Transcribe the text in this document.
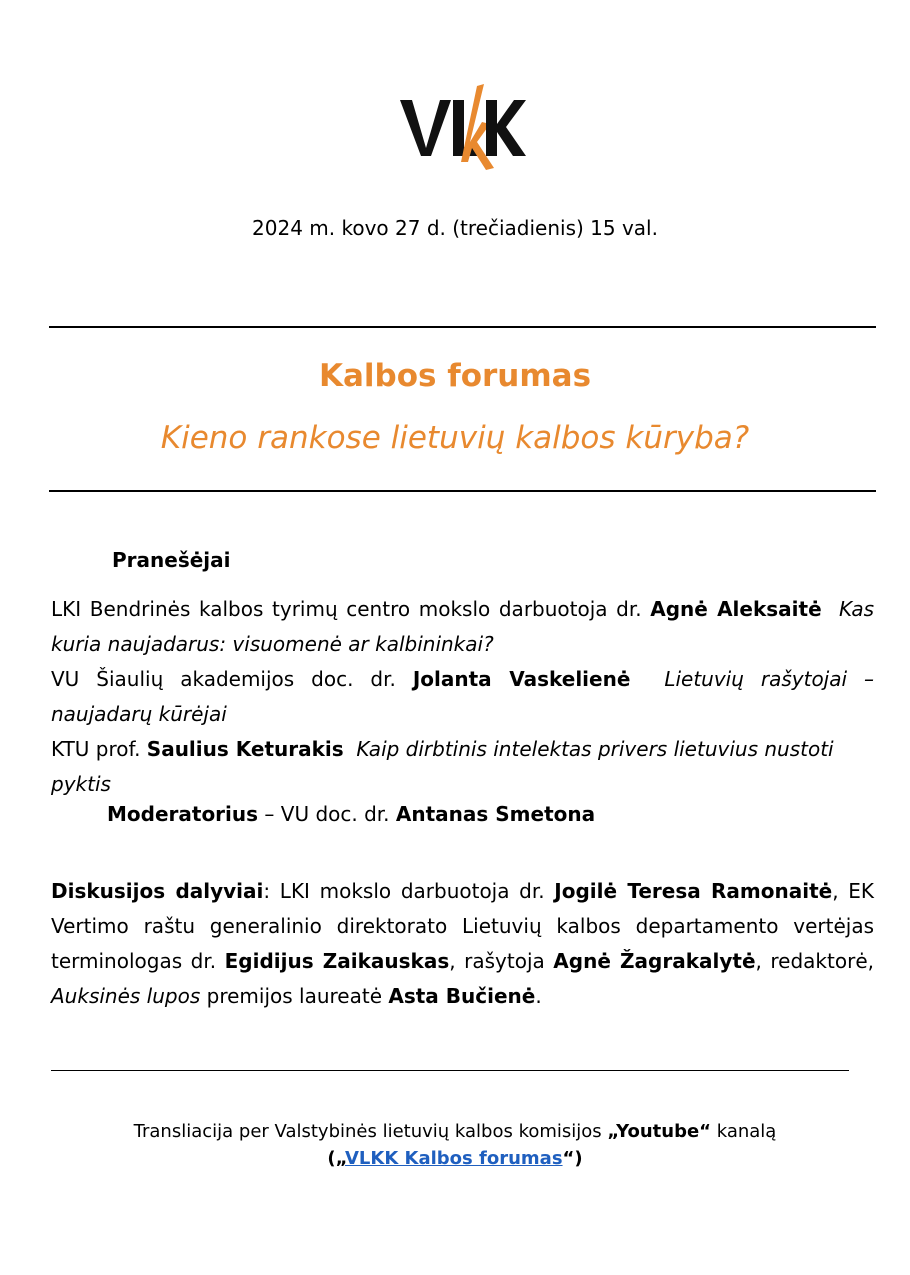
2024 m. kovo 27 d. (trečiadienis) 15 val.
Kalbos forumas
Kieno rankose lietuvių kalbos kūryba?
Pranešėjai
LKI Bendrinės kalbos tyrimų centro mokslo darbuotoja dr. Agnė Aleksaitė Kas kuria naujadarus: visuomenė ar kalbininkai?
VU Šiaulių akademijos doc. dr. Jolanta Vaskelienė Lietuvių rašytojai – naujadarų kūrėjai
KTU prof. Saulius Keturakis Kaip dirbtinis intelektas privers lietuvius nustoti pyktis
Moderatorius – VU doc. dr. Antanas Smetona
Diskusijos dalyviai: LKI mokslo darbuotoja dr. Jogilė Teresa Ramonaitė, EK Vertimo raštu generalinio direktorato Lietuvių kalbos departamento vertėjas terminologas dr. Egidijus Zaikauskas, rašytoja Agnė Žagrakalytė, redaktorė, Auksinės lupos premijos laureatė Asta Bučienė.
Transliacija per Valstybinės lietuvių kalbos komisijos „Youtube“ kanalą
(„VLKK Kalbos forumas“)
